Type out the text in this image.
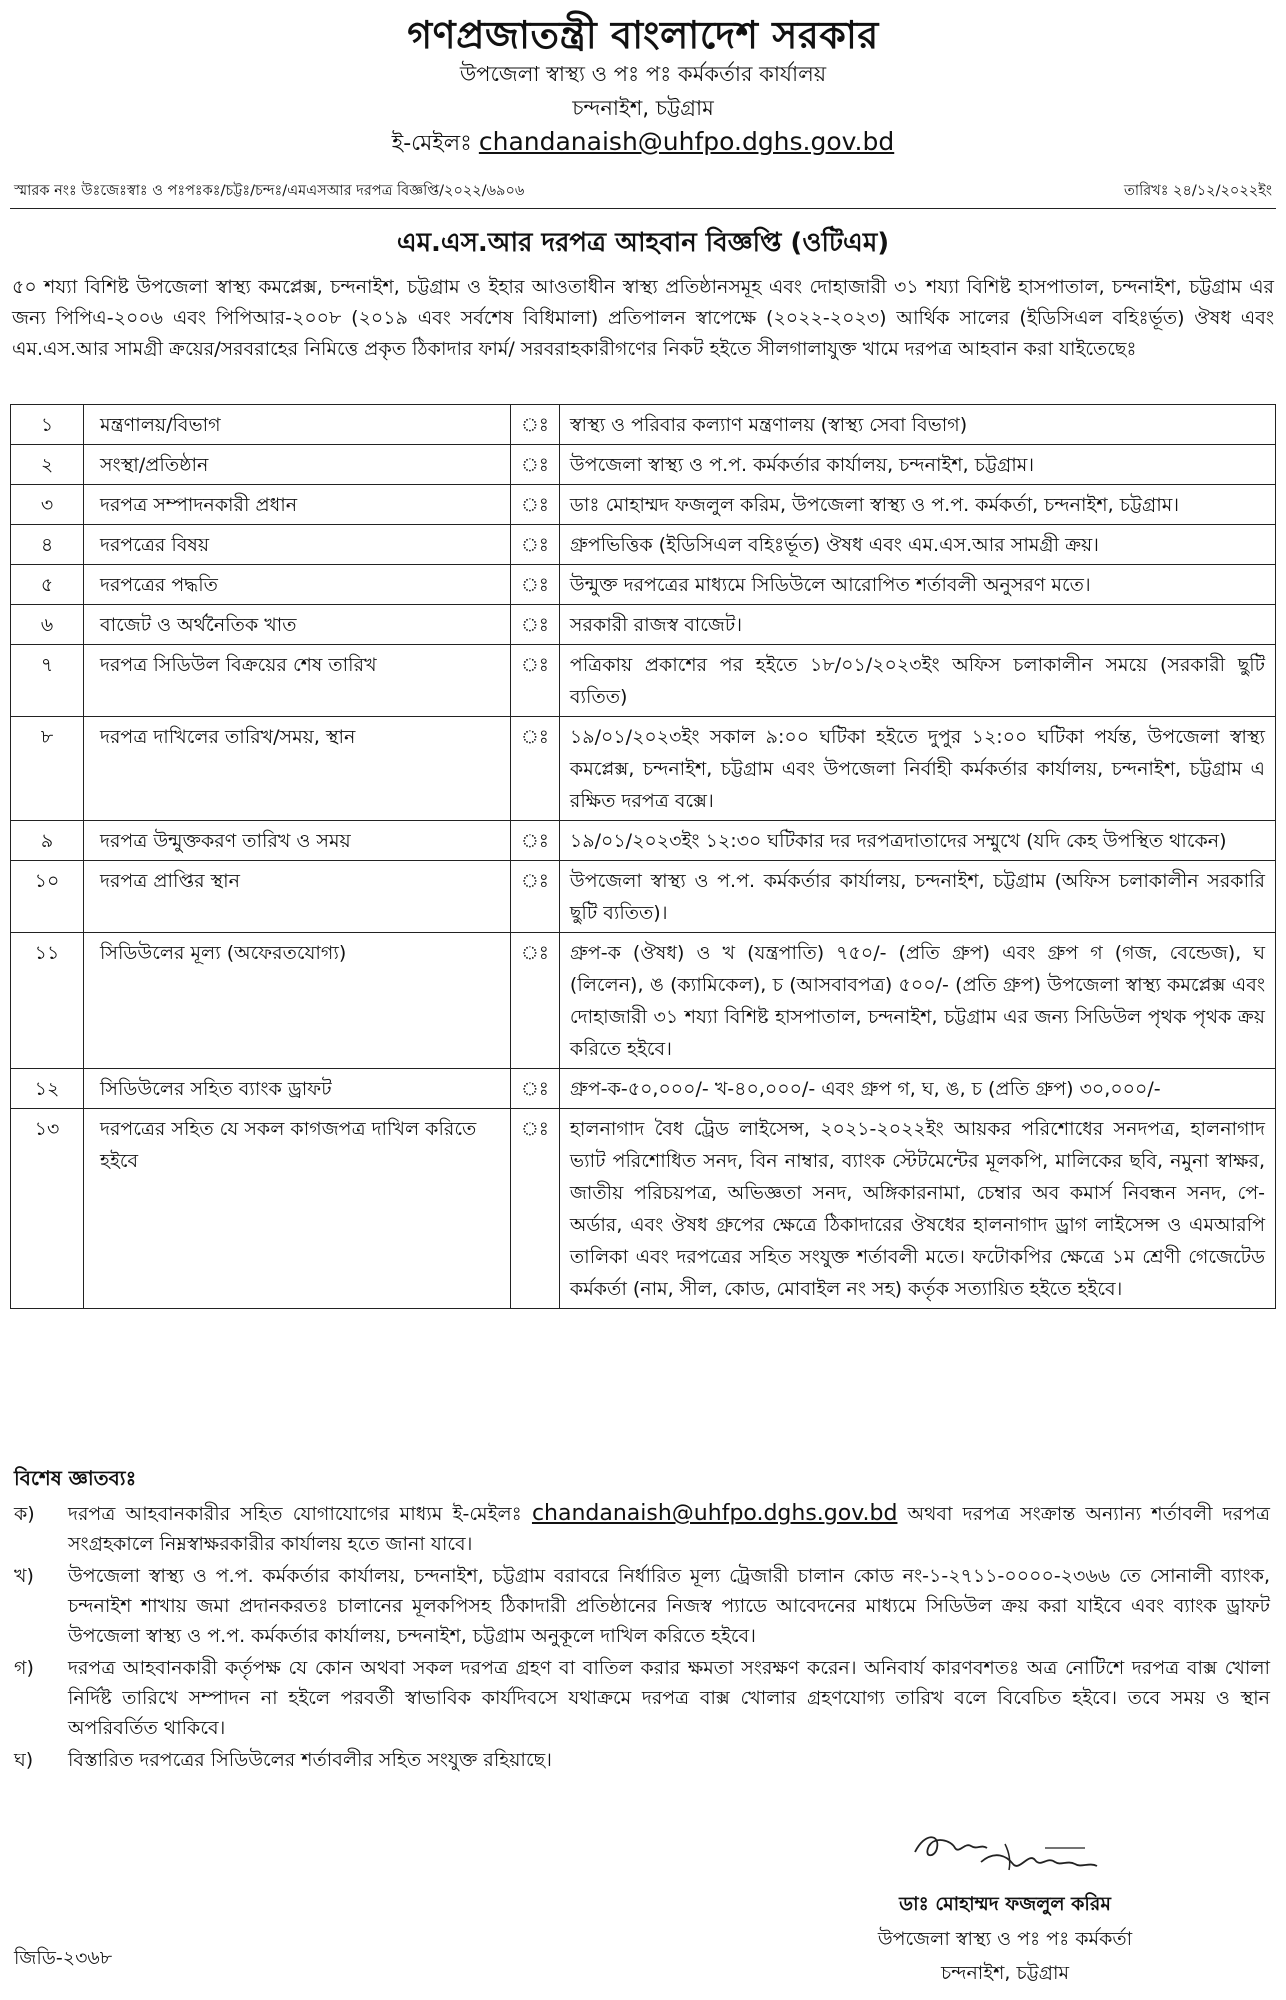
গণপ্রজাতন্ত্রী বাংলাদেশ সরকার
উপজেলা স্বাস্থ্য ও পঃ পঃ কর্মকর্তার কার্যালয়
চন্দনাইশ, চট্টগ্রাম
ই-মেইলঃ chandanaish@uhfpo.dghs.gov.bd
স্মারক নংঃ উঃজেঃস্বাঃ ও পঃপঃকঃ/চট্টঃ/চন্দঃ/এমএসআর দরপত্র বিজ্ঞপ্তি/২০২২/৬৯০৬	তারিখঃ ২৪/১২/২০২২ইং
এম.এস.আর দরপত্র আহবান বিজ্ঞপ্তি (ওটিএম)
৫০ শয্যা বিশিষ্ট উপজেলা স্বাস্থ্য কমপ্লেক্স, চন্দনাইশ, চট্টগ্রাম ও ইহার আওতাধীন স্বাস্থ্য প্রতিষ্ঠানসমূহ এবং দোহাজারী ৩১ শয্যা বিশিষ্ট হাসপাতাল, চন্দনাইশ, চট্টগ্রাম এর জন্য পিপিএ-২০০৬ এবং পিপিআর-২০০৮ (২০১৯ এবং সর্বশেষ বিধিমালা) প্রতিপালন স্বাপেক্ষে (২০২২-২০২৩) আর্থিক সালের (ইডিসিএল বহিঃর্ভূত) ঔষধ এবং এম.এস.আর সামগ্রী ক্রয়ের/সরবরাহের নিমিত্তে প্রকৃত ঠিকাদার ফার্ম/ সরবরাহকারীগণের নিকট হইতে সীলগালাযুক্ত খামে দরপত্র আহবান করা যাইতেছেঃ
১	মন্ত্রণালয়/বিভাগ	ঃ	স্বাস্থ্য ও পরিবার কল্যাণ মন্ত্রণালয় (স্বাস্থ্য সেবা বিভাগ)
২	সংস্থা/প্রতিষ্ঠান	ঃ	উপজেলা স্বাস্থ্য ও প.প. কর্মকর্তার কার্যালয়, চন্দনাইশ, চট্টগ্রাম।
৩	দরপত্র সম্পাদনকারী প্রধান	ঃ	ডাঃ মোহাম্মদ ফজলুল করিম, উপজেলা স্বাস্থ্য ও প.প. কর্মকর্তা, চন্দনাইশ, চট্টগ্রাম।
৪	দরপত্রের বিষয়	ঃ	গ্রুপভিত্তিক (ইডিসিএল বহিঃর্ভূত) ঔষধ এবং এম.এস.আর সামগ্রী ক্রয়।
৫	দরপত্রের পদ্ধতি	ঃ	উন্মুক্ত দরপত্রের মাধ্যমে সিডিউলে আরোপিত শর্তাবলী অনুসরণ মতে।
৬	বাজেট ও অর্থনৈতিক খাত	ঃ	সরকারী রাজস্ব বাজেট।
৭	দরপত্র সিডিউল বিক্রয়ের শেষ তারিখ	ঃ	পত্রিকায় প্রকাশের পর হইতে ১৮/০১/২০২৩ইং অফিস চলাকালীন সময়ে (সরকারী ছুটি ব্যতিত)
৮	দরপত্র দাখিলের তারিখ/সময়, স্থান	ঃ	১৯/০১/২০২৩ইং সকাল ৯:০০ ঘটিকা হইতে দুপুর ১২:০০ ঘটিকা পর্যন্ত, উপজেলা স্বাস্থ্য কমপ্লেক্স, চন্দনাইশ, চট্টগ্রাম এবং উপজেলা নির্বাহী কর্মকর্তার কার্যালয়, চন্দনাইশ, চট্টগ্রাম এ রক্ষিত দরপত্র বক্সে।
৯	দরপত্র উন্মুক্তকরণ তারিখ ও সময়	ঃ	১৯/০১/২০২৩ইং ১২:৩০ ঘটিকার দর দরপত্রদাতাদের সম্মুখে (যদি কেহ উপস্থিত থাকেন)
১০	দরপত্র প্রাপ্তির স্থান	ঃ	উপজেলা স্বাস্থ্য ও প.প. কর্মকর্তার কার্যালয়, চন্দনাইশ, চট্টগ্রাম (অফিস চলাকালীন সরকারি ছুটি ব্যতিত)।
১১	সিডিউলের মূল্য (অফেরতযোগ্য)	ঃ	গ্রুপ-ক (ঔষধ) ও খ (যন্ত্রপাতি) ৭৫০/- (প্রতি গ্রুপ) এবং গ্রুপ গ (গজ, বেন্ডেজ), ঘ (লিলেন), ঙ (ক্যামিকেল), চ (আসবাবপত্র) ৫০০/- (প্রতি গ্রুপ) উপজেলা স্বাস্থ্য কমপ্লেক্স এবং দোহাজারী ৩১ শয্যা বিশিষ্ট হাসপাতাল, চন্দনাইশ, চট্টগ্রাম এর জন্য সিডিউল পৃথক পৃথক ক্রয় করিতে হইবে।
১২	সিডিউলের সহিত ব্যাংক ড্রাফট	ঃ	গ্রুপ-ক-৫০,০০০/- খ-৪০,০০০/- এবং গ্রুপ গ, ঘ, ঙ, চ (প্রতি গ্রুপ) ৩০,০০০/-
১৩	দরপত্রের সহিত যে সকল কাগজপত্র দাখিল করিতে হইবে	ঃ	হালনাগাদ বৈধ ট্রেড লাইসেন্স, ২০২১-২০২২ইং আয়কর পরিশোধের সনদপত্র, হালনাগাদ ভ্যাট পরিশোধিত সনদ, বিন নাম্বার, ব্যাংক স্টেটমেন্টের মূলকপি, মালিকের ছবি, নমুনা স্বাক্ষর, জাতীয় পরিচয়পত্র, অভিজ্ঞতা সনদ, অঙ্গিকারনামা, চেম্বার অব কমার্স নিবন্ধন সনদ, পে-অর্ডার, এবং ঔষধ গ্রুপের ক্ষেত্রে ঠিকাদারের ঔষধের হালনাগাদ ড্রাগ লাইসেন্স ও এমআরপি তালিকা এবং দরপত্রের সহিত সংযুক্ত শর্তাবলী মতে। ফটোকপির ক্ষেত্রে ১ম শ্রেণী গেজেটেড কর্মকর্তা (নাম, সীল, কোড, মোবাইল নং সহ) কর্তৃক সত্যায়িত হইতে হইবে।
বিশেষ জ্ঞাতব্যঃ
ক)	দরপত্র আহবানকারীর সহিত যোগাযোগের মাধ্যম ই-মেইলঃ chandanaish@uhfpo.dghs.gov.bd অথবা দরপত্র সংক্রান্ত অন্যান্য শর্তাবলী দরপত্র সংগ্রহকালে নিম্নস্বাক্ষরকারীর কার্যালয় হতে জানা যাবে।
খ)	উপজেলা স্বাস্থ্য ও প.প. কর্মকর্তার কার্যালয়, চন্দনাইশ, চট্টগ্রাম বরাবরে নির্ধারিত মূল্য ট্রেজারী চালান কোড নং-১-২৭১১-০০০০-২৩৬৬ তে সোনালী ব্যাংক, চন্দনাইশ শাখায় জমা প্রদানকরতঃ চালানের মূলকপিসহ ঠিকাদারী প্রতিষ্ঠানের নিজস্ব প্যাডে আবেদনের মাধ্যমে সিডিউল ক্রয় করা যাইবে এবং ব্যাংক ড্রাফট উপজেলা স্বাস্থ্য ও প.প. কর্মকর্তার কার্যালয়, চন্দনাইশ, চট্টগ্রাম অনুকূলে দাখিল করিতে হইবে।
গ)	দরপত্র আহবানকারী কর্তৃপক্ষ যে কোন অথবা সকল দরপত্র গ্রহণ বা বাতিল করার ক্ষমতা সংরক্ষণ করেন। অনিবার্য কারণবশতঃ অত্র নোটিশে দরপত্র বাক্স খোলা নির্দিষ্ট তারিখে সম্পাদন না হইলে পরবর্তী স্বাভাবিক কার্যদিবসে যথাক্রমে দরপত্র বাক্স খোলার গ্রহণযোগ্য তারিখ বলে বিবেচিত হইবে। তবে সময় ও স্থান অপরিবর্তিত থাকিবে।
ঘ)	বিস্তারিত দরপত্রের সিডিউলের শর্তাবলীর সহিত সংযুক্ত রহিয়াছে।
ডাঃ মোহাম্মদ ফজলুল করিম
উপজেলা স্বাস্থ্য ও পঃ পঃ কর্মকর্তা
চন্দনাইশ, চট্টগ্রাম
জিডি-২৩৬৮
